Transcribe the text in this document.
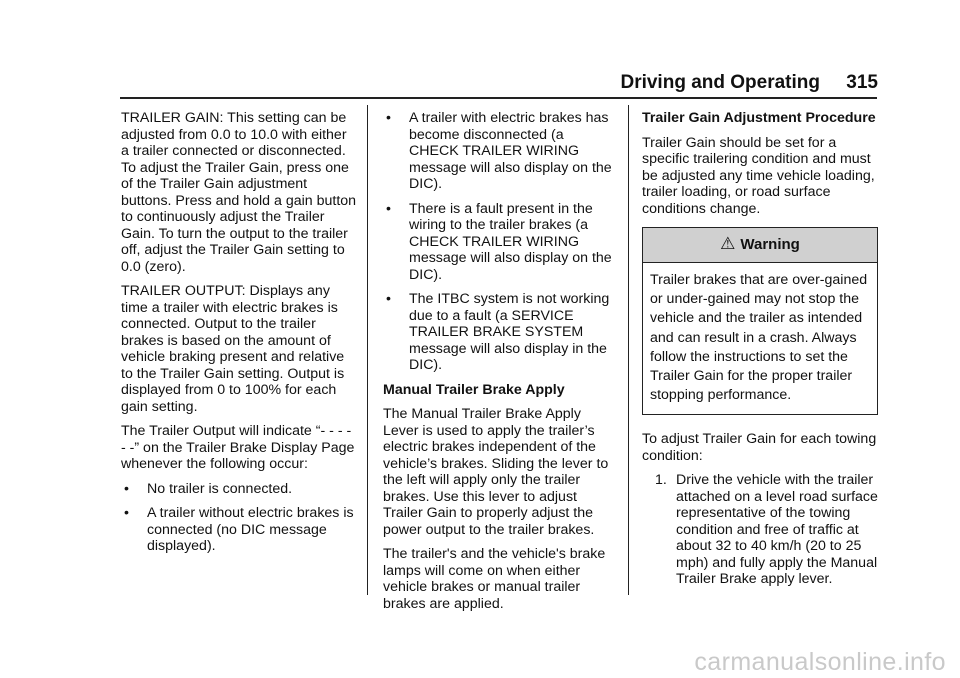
Driving and Operating 315

TRAILER GAIN: This setting can be adjusted from 0.0 to 10.0 with either a trailer connected or disconnected. To adjust the Trailer Gain, press one of the Trailer Gain adjustment buttons. Press and hold a gain button to continuously adjust the Trailer Gain. To turn the output to the trailer off, adjust the Trailer Gain setting to 0.0 (zero).

TRAILER OUTPUT: Displays any time a trailer with electric brakes is connected. Output to the trailer brakes is based on the amount of vehicle braking present and relative to the Trailer Gain setting. Output is displayed from 0 to 100% for each gain setting.

The Trailer Output will indicate “- - - - - -” on the Trailer Brake Display Page whenever the following occur:

• No trailer is connected.
• A trailer without electric brakes is connected (no DIC message displayed).
• A trailer with electric brakes has become disconnected (a CHECK TRAILER WIRING message will also display on the DIC).
• There is a fault present in the wiring to the trailer brakes (a CHECK TRAILER WIRING message will also display on the DIC).
• The ITBC system is not working due to a fault (a SERVICE TRAILER BRAKE SYSTEM message will also display in the DIC).

Manual Trailer Brake Apply

The Manual Trailer Brake Apply Lever is used to apply the trailer’s electric brakes independent of the vehicle’s brakes. Sliding the lever to the left will apply only the trailer brakes. Use this lever to adjust Trailer Gain to properly adjust the power output to the trailer brakes.

The trailer's and the vehicle's brake lamps will come on when either vehicle brakes or manual trailer brakes are applied.

Trailer Gain Adjustment Procedure

Trailer Gain should be set for a specific trailering condition and must be adjusted any time vehicle loading, trailer loading, or road surface conditions change.

⚠ Warning
Trailer brakes that are over-gained or under-gained may not stop the vehicle and the trailer as intended and can result in a crash. Always follow the instructions to set the Trailer Gain for the proper trailer stopping performance.

To adjust Trailer Gain for each towing condition:

1. Drive the vehicle with the trailer attached on a level road surface representative of the towing condition and free of traffic at about 32 to 40 km/h (20 to 25 mph) and fully apply the Manual Trailer Brake apply lever.
carmanualsonline.info
